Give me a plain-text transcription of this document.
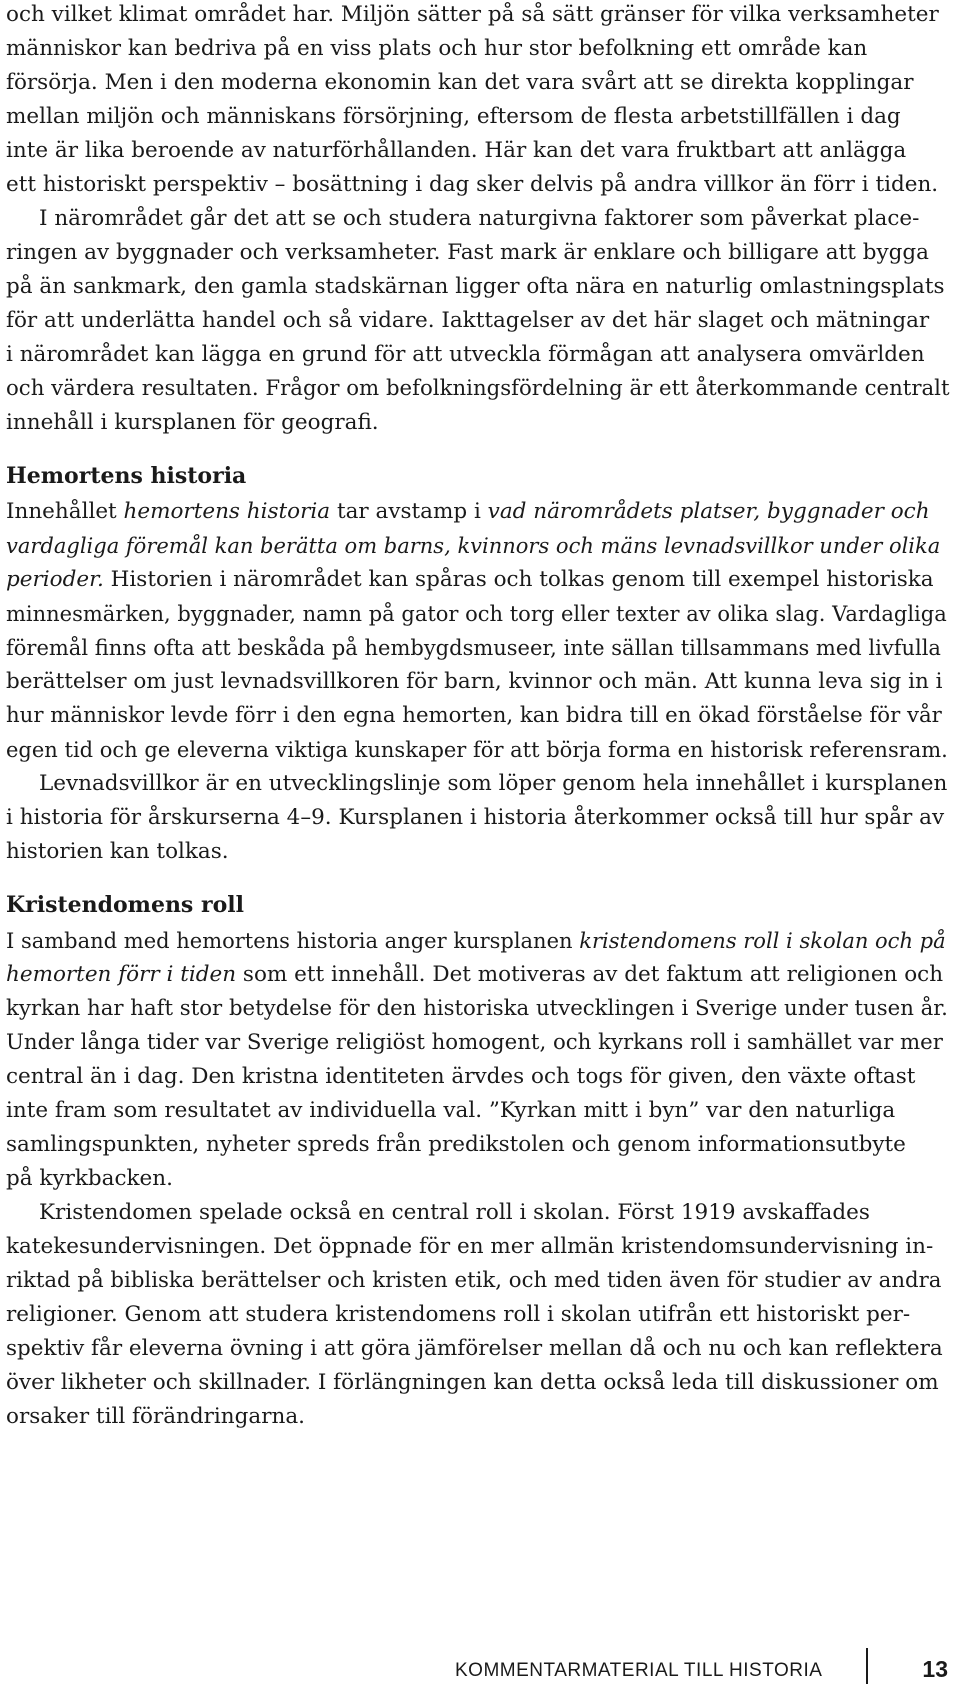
och vilket klimat området har. Miljön sätter på så sätt gränser för vilka verksamheter
människor kan bedriva på en viss plats och hur stor befolkning ett område kan
försörja. Men i den moderna ekonomin kan det vara svårt att se direkta kopplingar
mellan miljön och människans försörjning, eftersom de flesta arbetstillfällen i dag
inte är lika beroende av naturförhållanden. Här kan det vara fruktbart att anlägga
ett historiskt perspektiv – bosättning i dag sker delvis på andra villkor än förr i tiden.
I närområdet går det att se och studera naturgivna faktorer som påverkat place-
ringen av byggnader och verksamheter. Fast mark är enklare och billigare att bygga
på än sankmark, den gamla stadskärnan ligger ofta nära en naturlig omlastningsplats
för att underlätta handel och så vidare. Iakttagelser av det här slaget och mätningar
i närområdet kan lägga en grund för att utveckla förmågan att analysera omvärlden
och värdera resultaten. Frågor om befolkningsfördelning är ett återkommande centralt
innehåll i kursplanen för geografi.
Hemortens historia
Innehållet hemortens historia tar avstamp i vad närområdets platser, byggnader och
vardagliga föremål kan berätta om barns, kvinnors och mäns levnadsvillkor under olika
perioder. Historien i närområdet kan spåras och tolkas genom till exempel historiska
minnesmärken, byggnader, namn på gator och torg eller texter av olika slag. Vardagliga
föremål finns ofta att beskåda på hembygdsmuseer, inte sällan tillsammans med livfulla
berättelser om just levnadsvillkoren för barn, kvinnor och män. Att kunna leva sig in i
hur människor levde förr i den egna hemorten, kan bidra till en ökad förståelse för vår
egen tid och ge eleverna viktiga kunskaper för att börja forma en historisk referensram.
Levnadsvillkor är en utvecklingslinje som löper genom hela innehållet i kursplanen
i historia för årskurserna 4–9. Kursplanen i historia återkommer också till hur spår av
historien kan tolkas.
Kristendomens roll
I samband med hemortens historia anger kursplanen kristendomens roll i skolan och på
hemorten förr i tiden som ett innehåll. Det motiveras av det faktum att religionen och
kyrkan har haft stor betydelse för den historiska utvecklingen i Sverige under tusen år.
Under långa tider var Sverige religiöst homogent, och kyrkans roll i samhället var mer
central än i dag. Den kristna identiteten ärvdes och togs för given, den växte oftast
inte fram som resultatet av individuella val. ”Kyrkan mitt i byn” var den naturliga
samlingspunkten, nyheter spreds från predikstolen och genom informationsutbyte
på kyrkbacken.
Kristendomen spelade också en central roll i skolan. Först 1919 avskaffades
katekesundervisningen. Det öppnade för en mer allmän kristendomsundervisning in-
riktad på bibliska berättelser och kristen etik, och med tiden även för studier av andra
religioner. Genom att studera kristendomens roll i skolan utifrån ett historiskt per-
spektiv får eleverna övning i att göra jämförelser mellan då och nu och kan reflektera
över likheter och skillnader. I förlängningen kan detta också leda till diskussioner om
orsaker till förändringarna.
KOMMENTARMATERIAL TILL HISTORIA	13
